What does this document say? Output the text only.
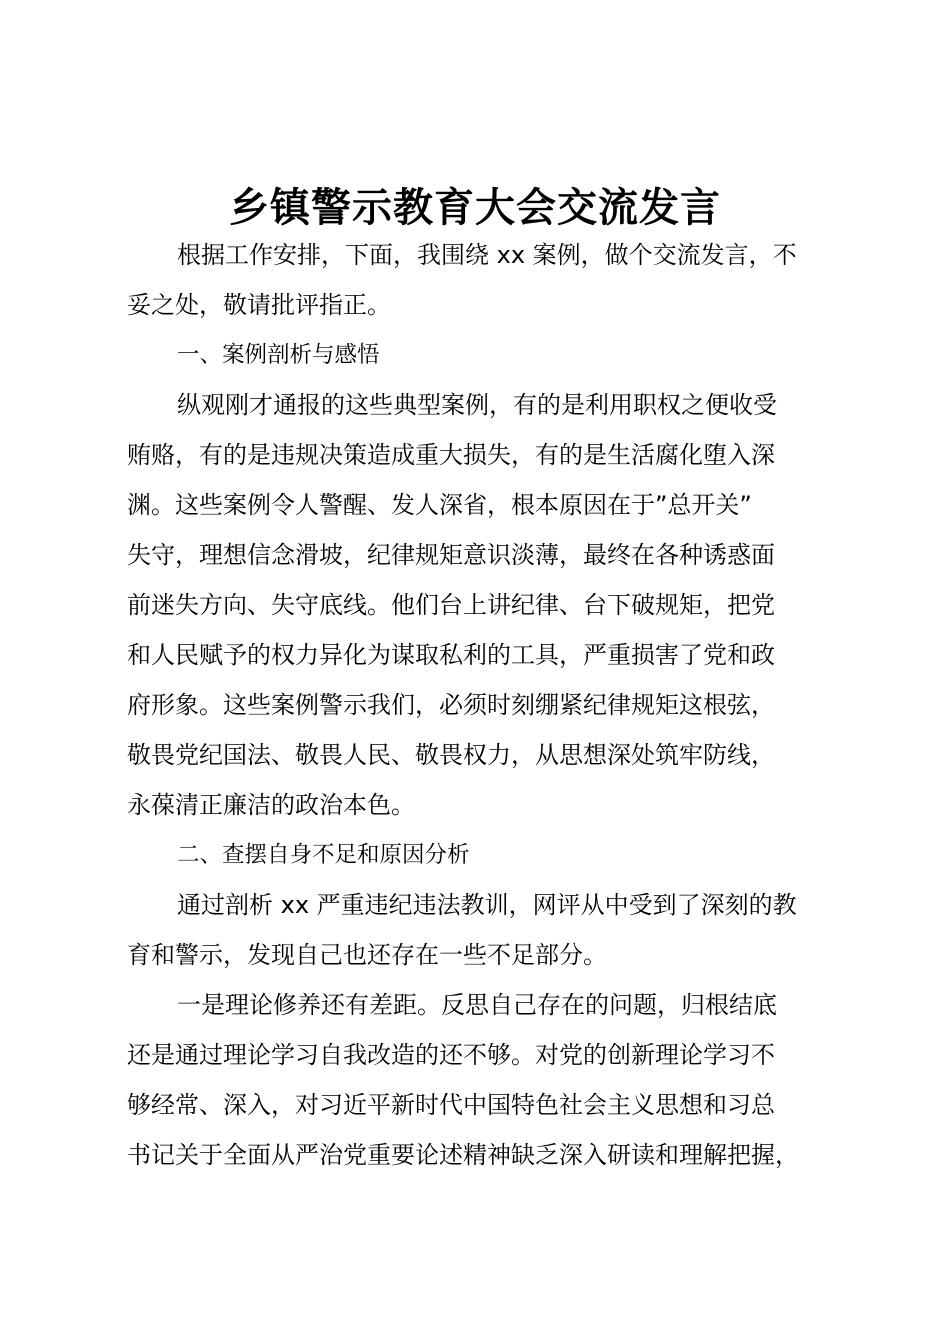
乡镇警示教育大会交流发言

根据工作安排，下面，我围绕 xx 案例，做个交流发言，不

妥之处，敬请批评指正。

一、案例剖析与感悟

纵观刚才通报的这些典型案例，有的是利用职权之便收受

贿赂，有的是违规决策造成重大损失，有的是生活腐化堕入深

渊。这些案例令人警醒、发人深省，根本原因在于”总开关”

失守，理想信念滑坡，纪律规矩意识淡薄，最终在各种诱惑面

前迷失方向、失守底线。他们台上讲纪律、台下破规矩，把党

和人民赋予的权力异化为谋取私利的工具，严重损害了党和政

府形象。这些案例警示我们，必须时刻绷紧纪律规矩这根弦，

敬畏党纪国法、敬畏人民、敬畏权力，从思想深处筑牢防线，

永葆清正廉洁的政治本色。

二、查摆自身不足和原因分析

通过剖析 xx 严重违纪违法教训，网评从中受到了深刻的教

育和警示，发现自己也还存在一些不足部分。

一是理论修养还有差距。反思自己存在的问题，归根结底

还是通过理论学习自我改造的还不够。对党的创新理论学习不

够经常、深入，对习近平新时代中国特色社会主义思想和习总

书记关于全面从严治党重要论述精神缺乏深入研读和理解把握，
